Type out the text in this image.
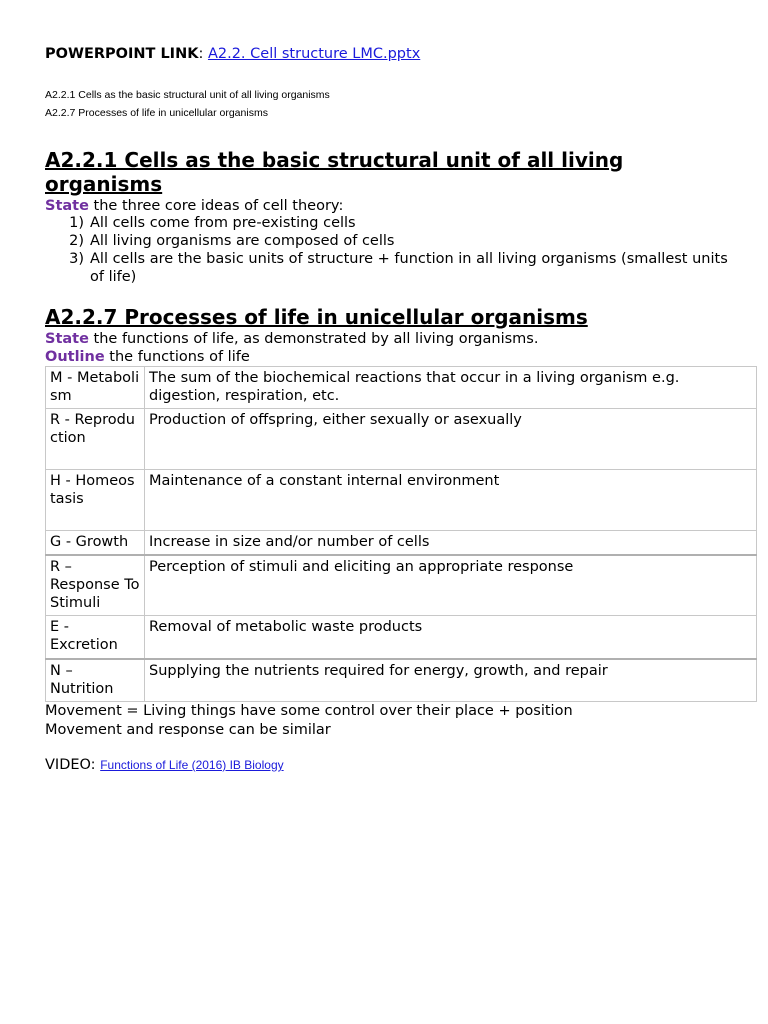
POWERPOINT LINK: A2.2. Cell structure LMC.pptx
A2.2.1 Cells as the basic structural unit of all living organisms
A2.2.7 Processes of life in unicellular organisms
A2.2.1 Cells as the basic structural unit of all living
organisms
State the three core ideas of cell theory:
1) All cells come from pre-existing cells
2) All living organisms are composed of cells
3) All cells are the basic units of structure + function in all living organisms (smallest units of life)
A2.2.7 Processes of life in unicellular organisms
State the functions of life, as demonstrated by all living organisms.
Outline the functions of life
M - Metabolism	The sum of the biochemical reactions that occur in a living organism e.g. digestion, respiration, etc.
R - Reproduction	Production of offspring, either sexually or asexually
H - Homeostasis	Maintenance of a constant internal environment
G - Growth	Increase in size and/or number of cells
R – Response To Stimuli	Perception of stimuli and eliciting an appropriate response
E - Excretion	Removal of metabolic waste products
N – Nutrition	Supplying the nutrients required for energy, growth, and repair
Movement = Living things have some control over their place + position
Movement and response can be similar
VIDEO: Functions of Life (2016) IB Biology
